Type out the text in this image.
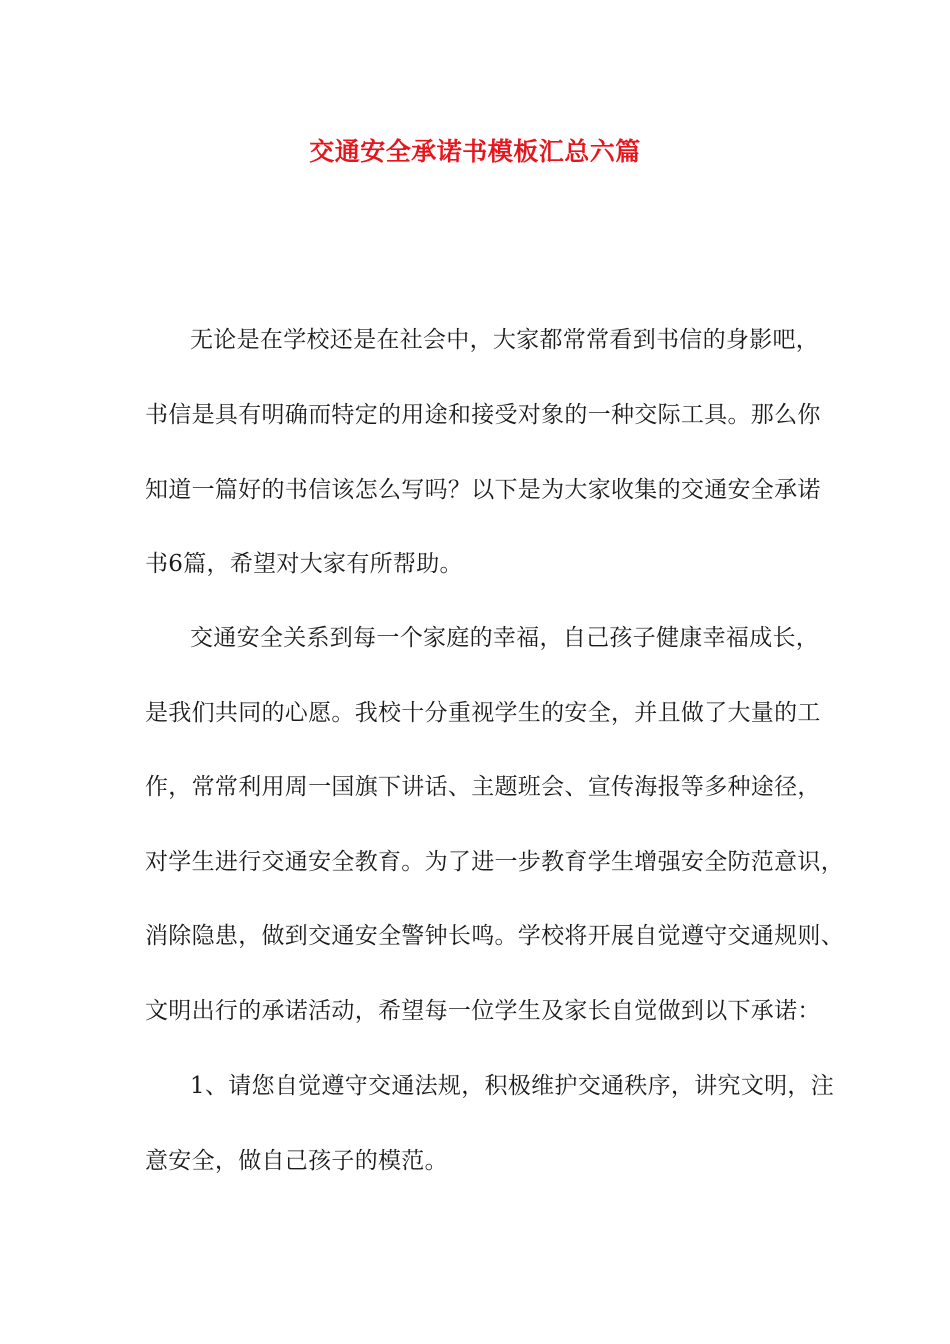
交通安全承诺书模板汇总六篇
无论是在学校还是在社会中，大家都常常看到书信的身影吧，
书信是具有明确而特定的用途和接受对象的一种交际工具。那么你
知道一篇好的书信该怎么写吗？以下是为大家收集的交通安全承诺
书6篇，希望对大家有所帮助。
交通安全关系到每一个家庭的幸福，自己孩子健康幸福成长，
是我们共同的心愿。我校十分重视学生的安全，并且做了大量的工
作，常常利用周一国旗下讲话、主题班会、宣传海报等多种途径，
对学生进行交通安全教育。为了进一步教育学生增强安全防范意识，
消除隐患，做到交通安全警钟长鸣。学校将开展自觉遵守交通规则、
文明出行的承诺活动，希望每一位学生及家长自觉做到以下承诺：
1、请您自觉遵守交通法规，积极维护交通秩序，讲究文明，注
意安全，做自己孩子的模范。
